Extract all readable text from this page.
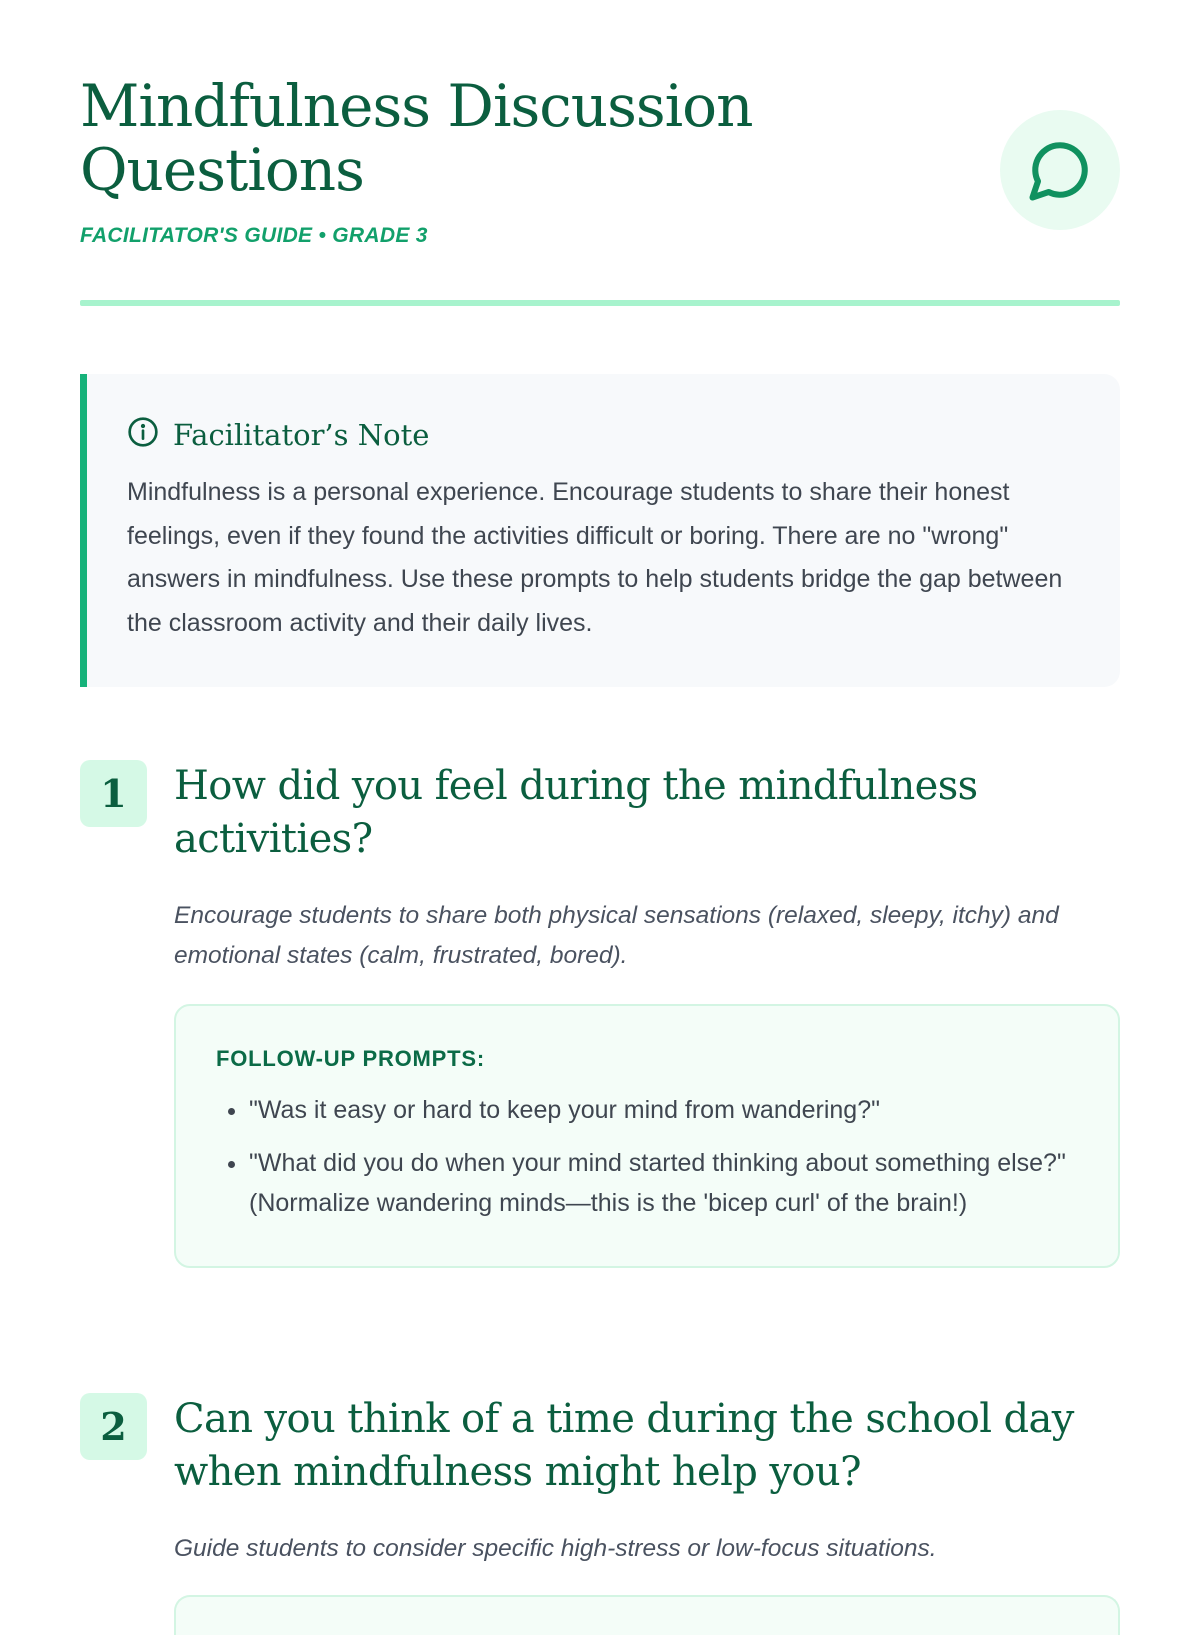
Mindfulness Discussion Questions
FACILITATOR'S GUIDE • GRADE 3
Facilitator’s Note
Mindfulness is a personal experience. Encourage students to share their honest feelings, even if they found the activities difficult or boring. There are no "wrong" answers in mindfulness. Use these prompts to help students bridge the gap between the classroom activity and their daily lives.
1	How did you feel during the mindfulness activities?
Encourage students to share both physical sensations (relaxed, sleepy, itchy) and emotional states (calm, frustrated, bored).
FOLLOW-UP PROMPTS:
• "Was it easy or hard to keep your mind from wandering?"
• "What did you do when your mind started thinking about something else?" (Normalize wandering minds—this is the 'bicep curl' of the brain!)
2	Can you think of a time during the school day when mindfulness might help you?
Guide students to consider specific high-stress or low-focus situations.
